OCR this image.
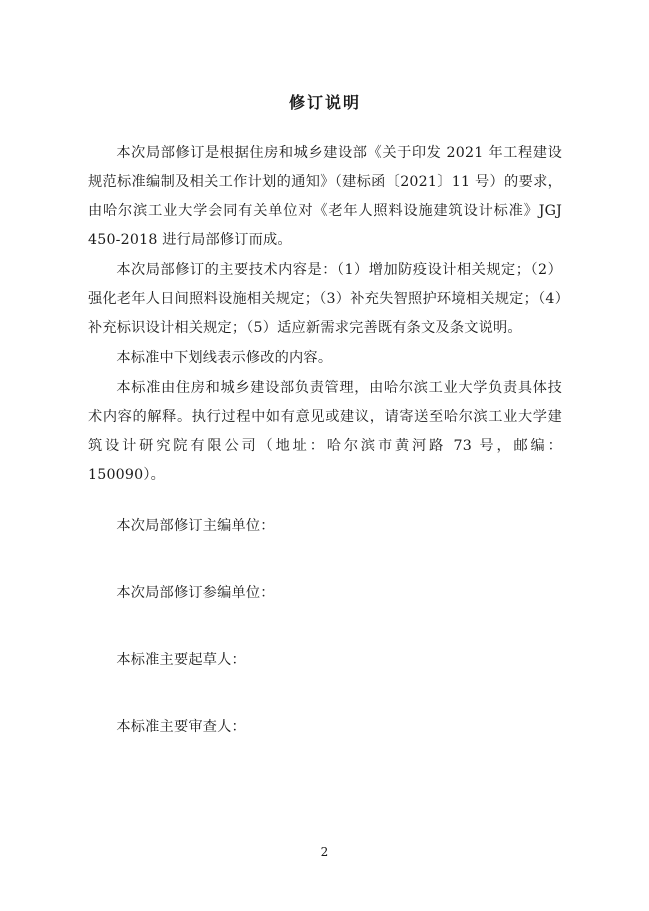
修订说明

本次局部修订是根据住房和城乡建设部《关于印发 2021 年工程建设规范标准编制及相关工作计划的通知》（建标函〔2021〕11 号）的要求，由哈尔滨工业大学会同有关单位对《老年人照料设施建筑设计标准》JGJ 450-2018 进行局部修订而成。

本次局部修订的主要技术内容是：（1）增加防疫设计相关规定；（2）强化老年人日间照料设施相关规定；（3）补充失智照护环境相关规定；（4）补充标识设计相关规定；（5）适应新需求完善既有条文及条文说明。

本标准中下划线表示修改的内容。

本标准由住房和城乡建设部负责管理，由哈尔滨工业大学负责具体技术内容的解释。执行过程中如有意见或建议，请寄送至哈尔滨工业大学建筑设计研究院有限公司（地址：哈尔滨市黄河路 73 号，邮编：150090）。

本次局部修订主编单位：

本次局部修订参编单位：

本标准主要起草人：

本标准主要审查人：

2
